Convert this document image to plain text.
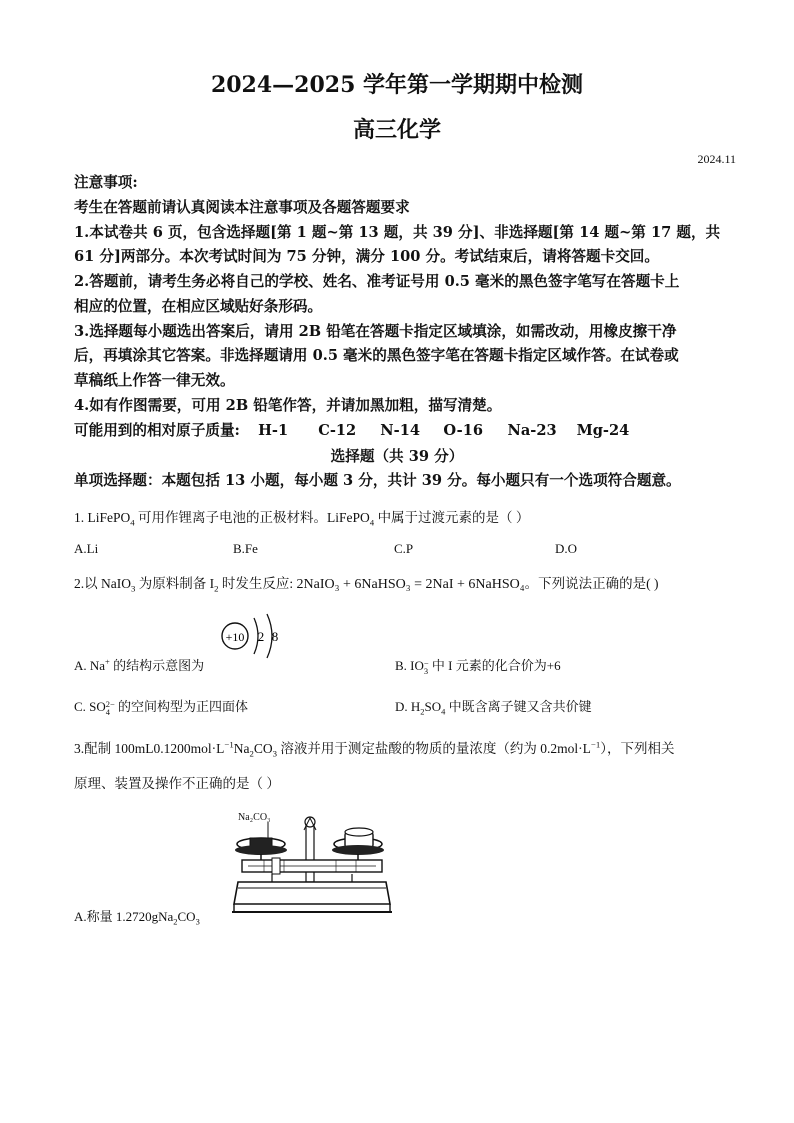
2024—2025 学年第一学期期中检测
高三化学
2024.11
注意事项:
考生在答题前请认真阅读本注意事项及各题答题要求
1.本试卷共 6 页，包含选择题[第 1 题~第 13 题，共 39 分]、非选择题[第 14 题~第 17 题，共
61 分]两部分。本次考试时间为 75 分钟，满分 100 分。考试结束后，请将答题卡交回。
2.答题前，请考生务必将自己的学校、姓名、准考证号用 0.5 毫米的黑色签字笔写在答题卡上
相应的位置，在相应区域贴好条形码。
3.选择题每小题选出答案后，请用 2B 铅笔在答题卡指定区域填涂，如需改动，用橡皮擦干净
后，再填涂其它答案。非选择题请用 0.5 毫米的黑色签字笔在答题卡指定区域作答。在试卷或
草稿纸上作答一律无效。
4.如有作图需要，可用 2B 铅笔作答，并请加黑加粗，描写清楚。
可能用到的相对原子质量: H-1 C-12 N-14 O-16 Na-23 Mg-24
选择题（共 39 分）
单项选择题：本题包括 13 小题，每小题 3 分，共计 39 分。每小题只有一个选项符合题意。
1. LiFePO$_4$ 可用作锂离子电池的正极材料。LiFePO$_4$ 中属于过渡元素的是（ ）
A.Li	B.Fe	C.P	D.O
2.以 NaIO$_3$ 为原料制备 $I_2$ 时发生反应: 2NaIO₃ + 6NaHSO₃ = 2NaI + 6NaHSO₄。下列说法正确的是( )
+10 2 8
A. Na+ 的结构示意图为	B. IO −
3 中 I 元素的化合价为+6
C. SO 2−
4 的空间构型为正四面体	D. $H_2SO_4$ 中既含离子键又含共价键
3.配制 $100mL0.1200mol\cdot L^{-1}Na_2CO_3$ 溶液并用于测定盐酸的物质的量浓度（约为 $0.2mol\cdot L^{-1}$），下列相关
原理、装置及操作不正确的是（ ）
Na₂CO₃
A.称量 $1.2720gNa_2CO_3$
